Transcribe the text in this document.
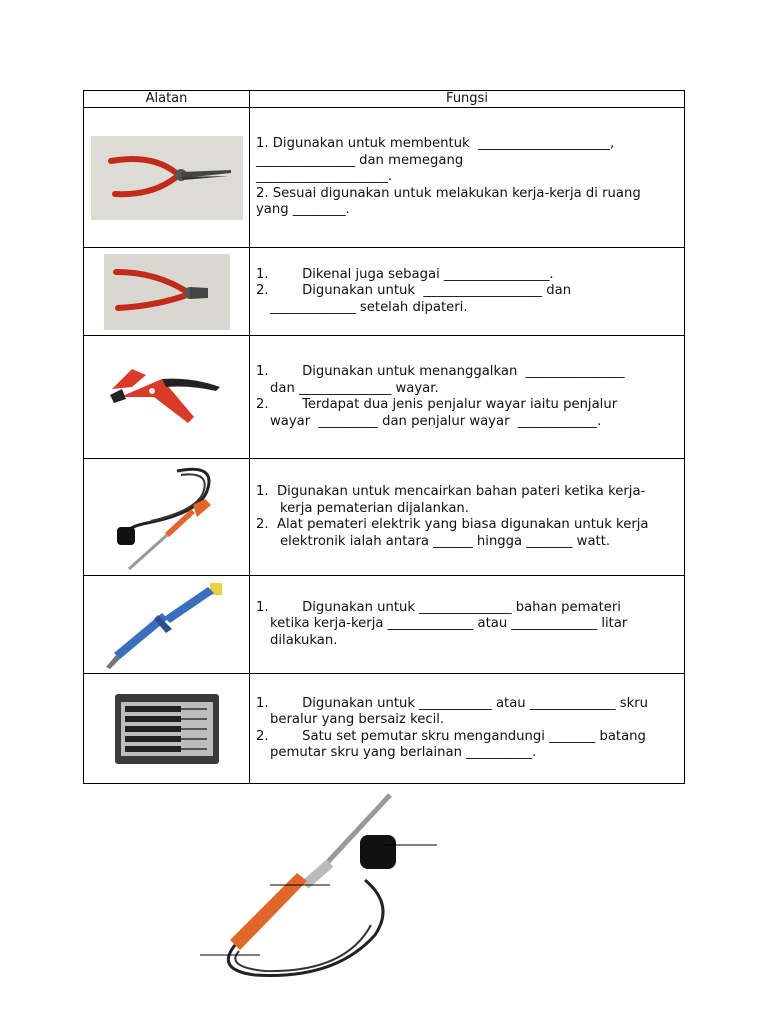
Alatan	Fungsi

1. Digunakan untuk membentuk  ____________________,
_______________ dan memegang
____________________.
2. Sesuai digunakan untuk melakukan kerja-kerja di ruang
yang ________.

1.        Dikenal juga sebagai ________________.
2.        Digunakan untuk  __________________ dan
_____________ setelah dipateri.

1.        Digunakan untuk menanggalkan  _______________
dan ______________ wayar.
2.        Terdapat dua jenis penjalur wayar iaitu penjalur
wayar  _________ dan penjalur wayar  ____________.

1.  Digunakan untuk mencairkan bahan pateri ketika kerja-
kerja pematerian dijalankan.
2.  Alat pemateri elektrik yang biasa digunakan untuk kerja
elektronik ialah antara ______ hingga _______ watt.

1.        Digunakan untuk ______________ bahan pemateri
ketika kerja-kerja _____________ atau _____________ litar
dilakukan.

1.        Digunakan untuk ___________ atau _____________ skru
beralur yang bersaiz kecil.
2.        Satu set pemutar skru mengandungi _______ batang
pemutar skru yang berlainan __________.
